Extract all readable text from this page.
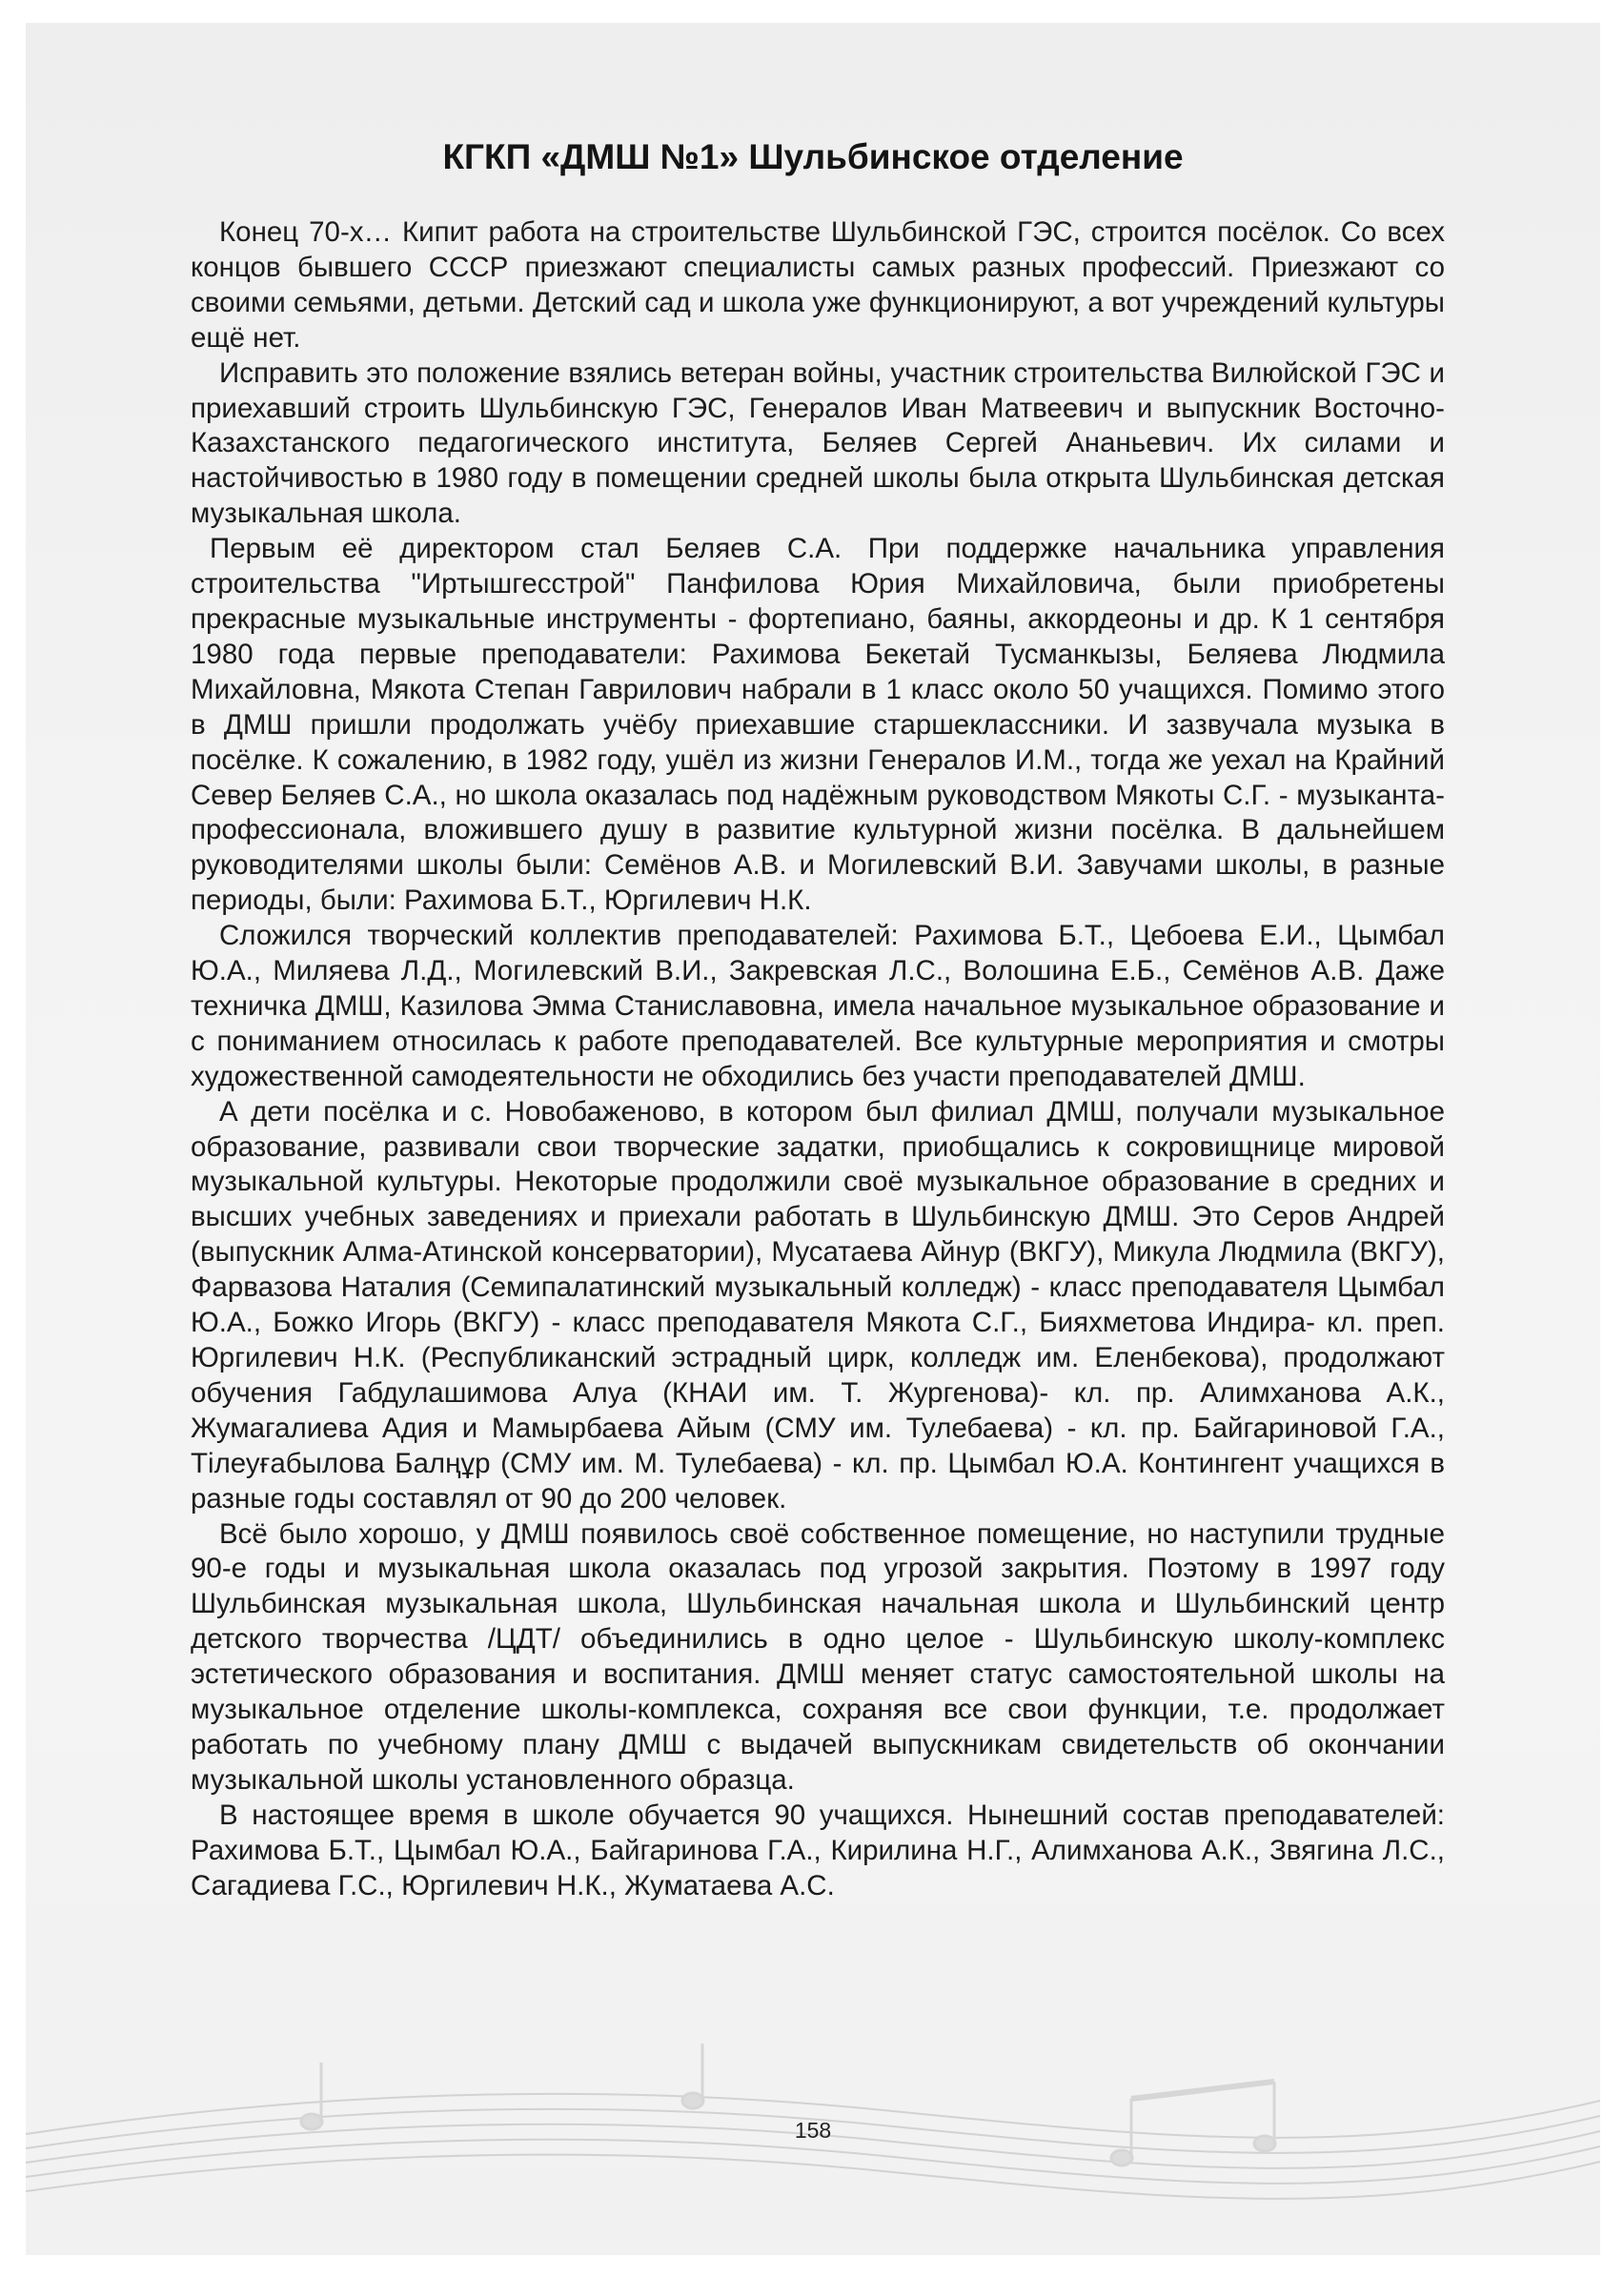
КГКП «ДМШ №1» Шульбинское отделение

Конец 70-х… Кипит работа на строительстве Шульбинской ГЭС, строится посёлок. Со всех концов бывшего СССР приезжают специалисты самых разных профессий. Приезжают со своими семьями, детьми. Детский сад и школа уже функционируют, а вот учреждений культуры ещё нет.

Исправить это положение взялись ветеран войны, участник строительства Вилюйской ГЭС и приехавший строить Шульбинскую ГЭС, Генералов Иван Матвеевич и выпускник Восточно-Казахстанского педагогического института, Беляев Сергей Ананьевич. Их силами и настойчивостью в 1980 году в помещении средней школы была открыта Шульбинская детская музыкальная школа.

Первым её директором стал Беляев С.А. При поддержке начальника управления строительства "Иртышгесстрой" Панфилова Юрия Михайловича, были приобретены прекрасные музыкальные инструменты - фортепиано, баяны, аккордеоны и др. К 1 сентября 1980 года первые преподаватели: Рахимова Бекетай Тусманкызы, Беляева Людмила Михайловна, Мякота Степан Гаврилович набрали в 1 класс около 50 учащихся. Помимо этого в ДМШ пришли продолжать учёбу приехавшие старшеклассники. И зазвучала музыка в посёлке. К сожалению, в 1982 году, ушёл из жизни Генералов И.М., тогда же уехал на Крайний Север Беляев С.А., но школа оказалась под надёжным руководством Мякоты С.Г. - музыканта-профессионала, вложившего душу в развитие культурной жизни посёлка. В дальнейшем руководителями школы были: Семёнов А.В. и Могилевский В.И. Завучами школы, в разные периоды, были: Рахимова Б.Т., Юргилевич Н.К.

Сложился творческий коллектив преподавателей: Рахимова Б.Т., Цебоева Е.И., Цымбал Ю.А., Миляева Л.Д., Могилевский В.И., Закревская Л.С., Волошина Е.Б., Семёнов А.В. Даже техничка ДМШ, Казилова Эмма Станиславовна, имела начальное музыкальное образование и с пониманием относилась к работе преподавателей. Все культурные мероприятия и смотры художественной самодеятельности не обходились без участи преподавателей ДМШ.

А дети посёлка и с. Новобаженово, в котором был филиал ДМШ, получали музыкальное образование, развивали свои творческие задатки, приобщались к сокровищнице мировой музыкальной культуры. Некоторые продолжили своё музыкальное образование в средних и высших учебных заведениях и приехали работать в Шульбинскую ДМШ. Это Серов Андрей (выпускник Алма-Атинской консерватории), Мусатаева Айнур (ВКГУ), Микула Людмила (ВКГУ), Фарвазова Наталия (Семипалатинский музыкальный колледж) - класс преподавателя Цымбал Ю.А., Божко Игорь (ВКГУ) - класс преподавателя Мякота С.Г., Бияхметова Индира- кл. преп. Юргилевич Н.К. (Республиканский эстрадный цирк, колледж им. Еленбекова), продолжают обучения Габдулашимова Алуа (КНАИ им. Т. Жургенова)- кл. пр. Алимханова А.К., Жумагалиева Адия и Мамырбаева Айым (СМУ им. Тулебаева) - кл. пр. Байгариновой Г.А., Тілеуғабылова Балңұр (СМУ им. М. Тулебаева) - кл. пр. Цымбал Ю.А. Контингент учащихся в разные годы составлял от 90 до 200 человек.

Всё было хорошо, у ДМШ появилось своё собственное помещение, но наступили трудные 90-е годы и музыкальная школа оказалась под угрозой закрытия. Поэтому в 1997 году Шульбинская музыкальная школа, Шульбинская начальная школа и Шульбинский центр детского творчества /ЦДТ/ объединились в одно целое - Шульбинскую школу-комплекс эстетического образования и воспитания. ДМШ меняет статус самостоятельной школы на музыкальное отделение школы-комплекса, сохраняя все свои функции, т.е. продолжает работать по учебному плану ДМШ с выдачей выпускникам свидетельств об окончании музыкальной школы установленного образца.

В настоящее время в школе обучается 90 учащихся. Нынешний состав преподавателей: Рахимова Б.Т., Цымбал Ю.А., Байгаринова Г.А., Кирилина Н.Г., Алимханова А.К., Звягина Л.С., Сагадиева Г.С., Юргилевич Н.К., Жуматаева А.С.

158
